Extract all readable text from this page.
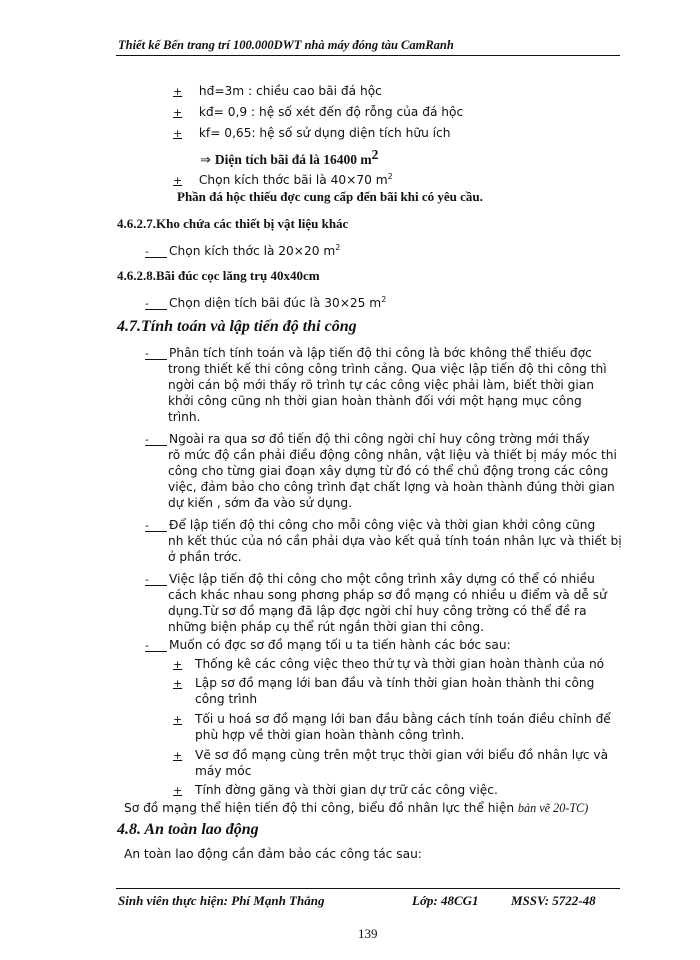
Thiết kế Bến trang trí 100.000DWT nhà máy đóng tàu CamRanh
+ hđ=3m : chiều cao bãi đá hộc
+ kđ= 0,9 : hệ số xét đến độ rỗng của đá hộc
+ kf= 0,65: hệ số sử dụng diện tích hữu ích
⇒ Diện tích bãi đá là 16400 $m^2$
+ Chọn kích thớc bãi là 40×70 $m^2$
Phần đá hộc thiếu đợc cung cấp đến bãi khi có yêu cầu.
4.6.2.7.Kho chứa các thiết bị vật liệu khác
- Chọn kích thớc là 20×20 $m^2$
4.6.2.8.Bãi đúc cọc lăng trụ 40x40cm
- Chọn diện tích bãi đúc là 30×25 $m^2$
4.7.Tính toán và lập tiến độ thi công
- Phân tích tính toán và lập tiến độ thi công là bớc không thể thiếu đợc
trong thiết kế thi công công trình cảng. Qua việc lập tiến độ thi công thì
ngời cán bộ mới thấy rõ trình tự các công việc phải làm, biết thời gian
khởi công cũng nh thời gian hoàn thành đối với một hạng mục công
trình.
- Ngoài ra qua sơ đồ tiến độ thi công ngời chỉ huy công trờng mới thấy
rõ mức độ cần phải điều động công nhân, vật liệu và thiết bị máy móc thi
công cho từng giai đoạn xây dựng từ đó có thể chủ động trong các công
việc, đảm bảo cho công trình đạt chất lợng và hoàn thành đúng thời gian
dự kiến , sớm đa vào sử dụng.
- Để lập tiến độ thi công cho mỗi công việc và thời gian khởi công cũng
nh kết thúc của nó cần phải dựa vào kết quả tính toán nhân lực và thiết bị
ở phần trớc.
- Việc lập tiến độ thi công cho một công trình xây dựng có thể có nhiều
cách khác nhau song phơng pháp sơ đồ mạng có nhiều u điểm và dễ sử
dụng.Từ sơ đồ mạng đã lập đợc ngời chỉ huy công trờng có thể đề ra
những biện pháp cụ thể rút ngắn thời gian thi công.
- Muốn có đợc sơ đồ mạng tối u ta tiến hành các bớc sau:
+ Thống kê các công việc theo thứ tự và thời gian hoàn thành của nó
+ Lập sơ đồ mạng lới ban đầu và tính thời gian hoàn thành thi công
công trình
+ Tối u hoá sơ đồ mạng lới ban đầu bằng cách tính toán điều chỉnh để
phù hợp về thời gian hoàn thành công trình.
+ Vẽ sơ đồ mạng cùng trên một trục thời gian với biểu đồ nhân lực và
máy móc
+ Tính đờng găng và thời gian dự trữ các công việc.
Sơ đồ mạng thể hiện tiến độ thi công, biểu đồ nhân lực thể hiện bản vẽ 20-TC)
4.8. An toàn lao động
An toàn lao động cần đảm bảo các công tác sau:
Sinh viên thực hiện: Phí Mạnh Thắng	Lớp: 48CG1 MSSV: 5722-48
139
